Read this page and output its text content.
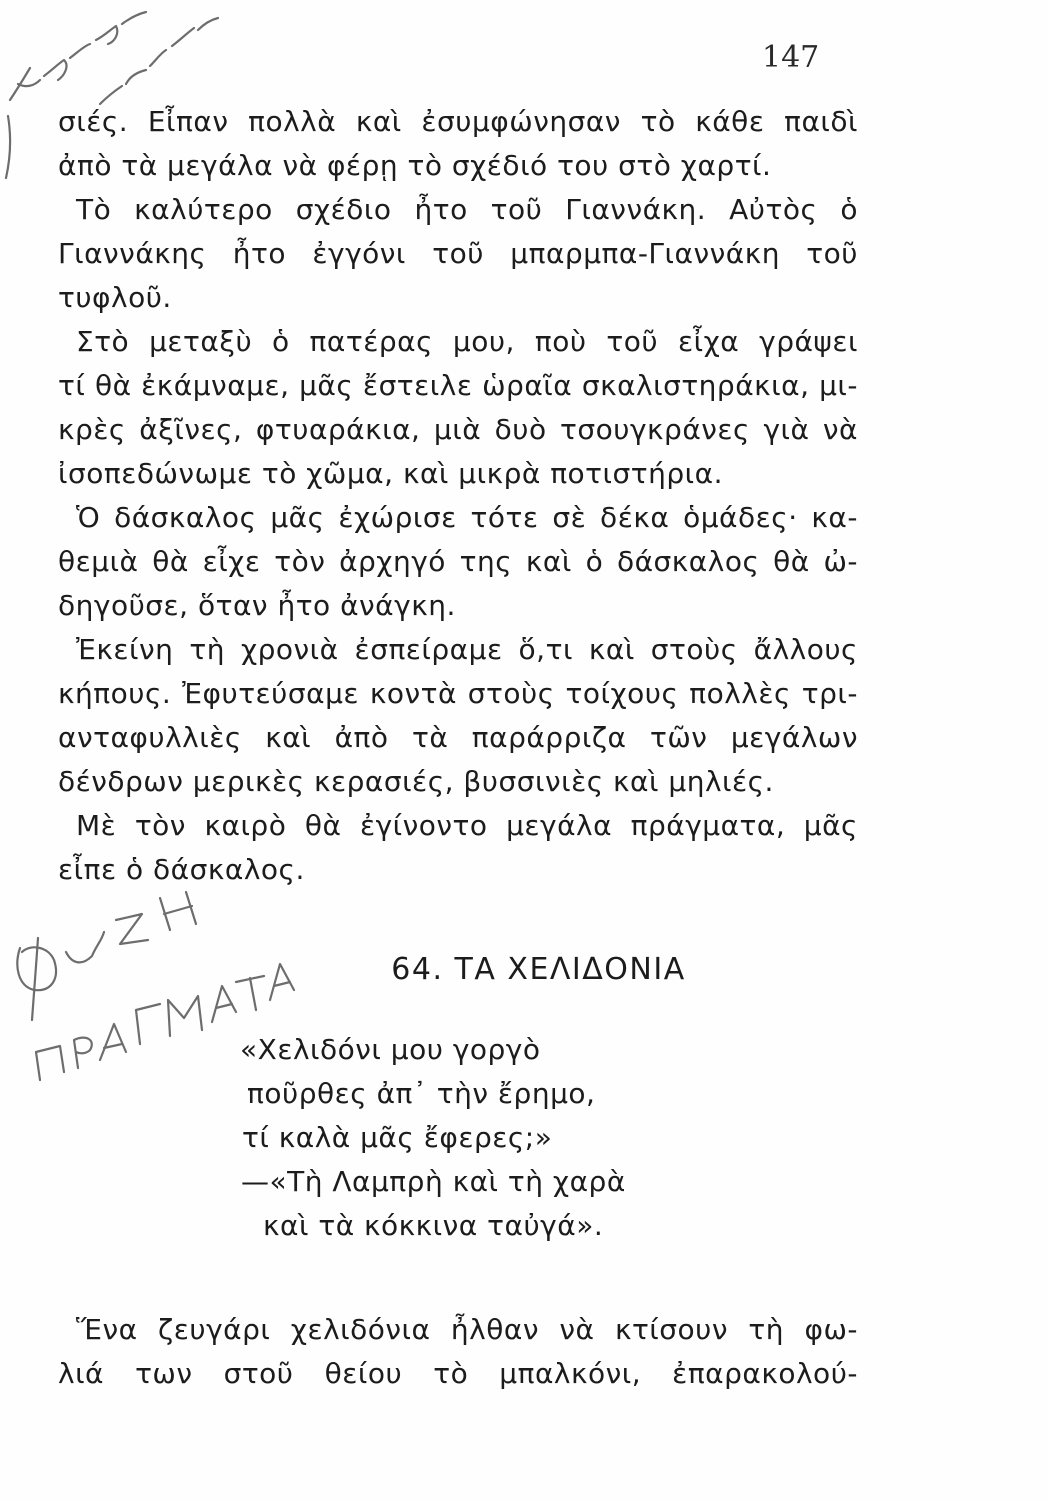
147
σιές. Εἶπαν πολλὰ καὶ ἐσυμφώνησαν τὸ κάθε παιδὶ
ἀπὸ τὰ μεγάλα νὰ φέρῃ τὸ σχέδιό του στὸ χαρτί.
Τὸ καλύτερο σχέδιο ἦτο τοῦ Γιαννάκη. Αὐτὸς ὁ
Γιαννάκης ἦτο ἐγγόνι τοῦ μπαρμπα-Γιαννάκη τοῦ
τυφλοῦ.
Στὸ μεταξὺ ὁ πατέρας μου, ποὺ τοῦ εἶχα γράψει
τί θὰ ἐκάμναμε, μᾶς ἔστειλε ὡραῖα σκαλιστηράκια, μι-
κρὲς ἀξῖνες, φτυαράκια, μιὰ δυὸ τσουγκράνες γιὰ νὰ
ἰσοπεδώνωμε τὸ χῶμα, καὶ μικρὰ ποτιστήρια.
Ὁ δάσκαλος μᾶς ἐχώρισε τότε σὲ δέκα ὁμάδες· κα-
θεμιὰ θὰ εἶχε τὸν ἀρχηγό της καὶ ὁ δάσκαλος θὰ ὠ-
δηγοῦσε, ὅταν ἦτο ἀνάγκη.
Ἐκείνη τὴ χρονιὰ ἐσπείραμε ὅ,τι καὶ στοὺς ἄλλους
κήπους. Ἐφυτεύσαμε κοντὰ στοὺς τοίχους πολλὲς τρι-
ανταφυλλιὲς καὶ ἀπὸ τὰ παράρριζα τῶν μεγάλων
δένδρων μερικὲς κερασιές, βυσσινιὲς καὶ μηλιές.
Μὲ τὸν καιρὸ θὰ ἐγίνοντο μεγάλα πράγματα, μᾶς
εἶπε ὁ δάσκαλος.
64. ΤΑ ΧΕΛΙΔΟΝΙΑ
«Χελιδόνι μου γοργὸ
ποῦρθες ἀπ᾿ τὴν ἔρημο,
τί καλὰ μᾶς ἔφερες;»
—«Τὴ Λαμπρὴ καὶ τὴ χαρὰ
καὶ τὰ κόκκινα ταὐγά».
Ἕνα ζευγάρι χελιδόνια ἦλθαν νὰ κτίσουν τὴ φω-
λιά των στοῦ θείου τὸ μπαλκόνι, ἐπαρακολού-
